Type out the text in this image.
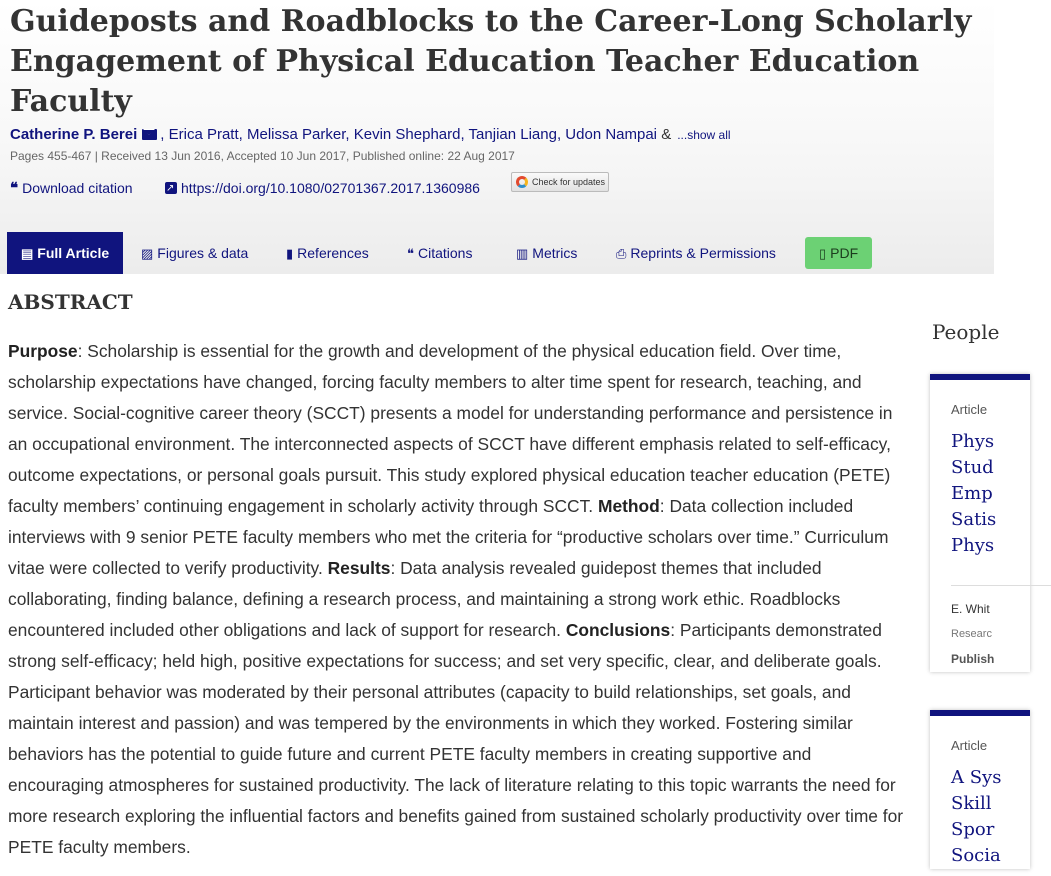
Guideposts and Roadblocks to the Career-Long Scholarly Engagement of Physical Education Teacher Education Faculty
Catherine P. Berei , Erica Pratt, Melissa Parker, Kevin Shephard, Tanjian Liang, Udon Nampai & ...show all
Pages 455-467 | Received 13 Jun 2016, Accepted 10 Jun 2017, Published online: 22 Aug 2017
❝ Download citation
↗	https://doi.org/10.1080/02701367.2017.1360986	Check for updates
▤ Full Article	▨ Figures & data	▮ References	❝ Citations	▥ Metrics	⎙ Reprints & Permissions	▯ PDF
ABSTRACT

Purpose: Scholarship is essential for the growth and development of the physical education field. Over time, scholarship expectations have changed, forcing faculty members to alter time spent for research, teaching, and service. Social-cognitive career theory (SCCT) presents a model for understanding performance and persistence in an occupational environment. The interconnected aspects of SCCT have different emphasis related to self-efficacy, outcome expectations, or personal goals pursuit. This study explored physical education teacher education (PETE) faculty members’ continuing engagement in scholarly activity through SCCT. Method: Data collection included interviews with 9 senior PETE faculty members who met the criteria for “productive scholars over time.” Curriculum vitae were collected to verify productivity. Results: Data analysis revealed guidepost themes that included collaborating, finding balance, defining a research process, and maintaining a strong work ethic. Roadblocks encountered included other obligations and lack of support for research. Conclusions: Participants demonstrated strong self-efficacy; held high, positive expectations for success; and set very specific, clear, and deliberate goals. Participant behavior was moderated by their personal attributes (capacity to build relationships, set goals, and maintain interest and passion) and was tempered by the environments in which they worked. Fostering similar behaviors has the potential to guide future and current PETE faculty members in creating supportive and encouraging atmospheres for sustained productivity. The lack of literature relating to this topic warrants the need for more research exploring the influential factors and benefits gained from sustained scholarly productivity over time for PETE faculty members.

People
Article
Phys
Stud
Emp
Satis
Phys
E. Whit
Researc
Publish
Article
A Sys
Skill
Spor
Socia
